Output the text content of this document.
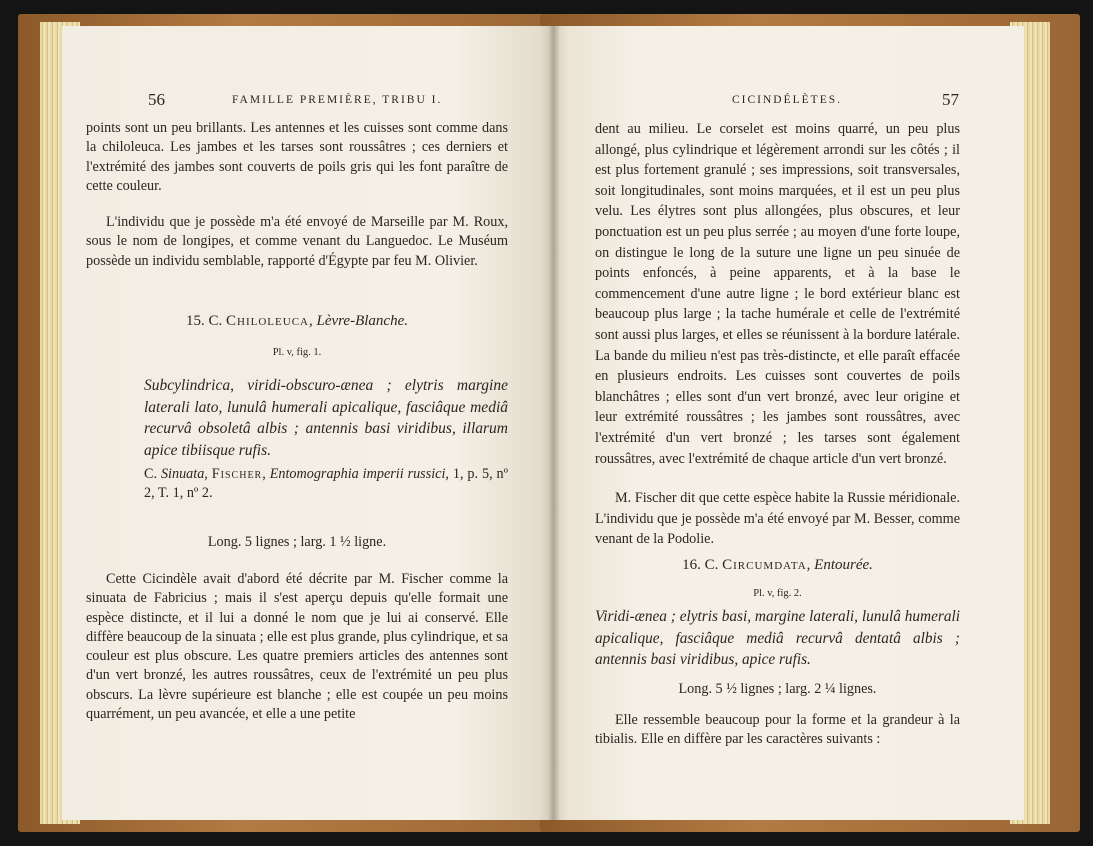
56	FAMILLE PREMIÈRE, TRIBU I.

points sont un peu brillants. Les antennes et les cuisses sont comme dans la chiloleuca. Les jambes et les tarses sont roussâtres ; ces derniers et l'extrémité des jambes sont couverts de poils gris qui les font paraître de cette couleur.

L'individu que je possède m'a été envoyé de Marseille par M. Roux, sous le nom de longipes, et comme venant du Languedoc. Le Muséum possède un individu semblable, rapporté d'Égypte par feu M. Olivier.

15. C. Chiloleuca, Lèvre-Blanche.
Pl. v, fig. 1.
Subcylindrica, viridi-obscuro-ænea ; elytris margine laterali lato, lunulâ humerali apicalique, fasciâque mediâ recurvâ obsoletâ albis ; antennis basi viridibus, illarum apice tibiisque rufis.
C. Sinuata, Fischer, Entomographia imperii russici, 1, p. 5, nº 2, T. 1, nº 2.
Long. 5 lignes ; larg. 1 ½ ligne.

Cette Cicindèle avait d'abord été décrite par M. Fischer comme la sinuata de Fabricius ; mais il s'est aperçu depuis qu'elle formait une espèce distincte, et il lui a donné le nom que je lui ai conservé. Elle diffère beaucoup de la sinuata ; elle est plus grande, plus cylindrique, et sa couleur est plus obscure. Les quatre premiers articles des antennes sont d'un vert bronzé, les autres roussâtres, ceux de l'extrémité un peu plus obscurs. La lèvre supérieure est blanche ; elle est coupée un peu moins quarrément, un peu avancée, et elle a une petite

CICINDÉLÈTES.	57

dent au milieu. Le corselet est moins quarré, un peu plus allongé, plus cylindrique et légèrement arrondi sur les côtés ; il est plus fortement granulé ; ses impressions, soit transversales, soit longitudinales, sont moins marquées, et il est un peu plus velu. Les élytres sont plus allongées, plus obscures, et leur ponctuation est un peu plus serrée ; au moyen d'une forte loupe, on distingue le long de la suture une ligne un peu sinuée de points enfoncés, à peine apparents, et à la base le commencement d'une autre ligne ; le bord extérieur blanc est beaucoup plus large ; la tache humérale et celle de l'extrémité sont aussi plus larges, et elles se réunissent à la bordure latérale. La bande du milieu n'est pas très-distincte, et elle paraît effacée en plusieurs endroits. Les cuisses sont couvertes de poils blanchâtres ; elles sont d'un vert bronzé, avec leur origine et leur extrémité roussâtres ; les jambes sont roussâtres, avec l'extrémité d'un vert bronzé ; les tarses sont également roussâtres, avec l'extrémité de chaque article d'un vert bronzé.

M. Fischer dit que cette espèce habite la Russie méridionale. L'individu que je possède m'a été envoyé par M. Besser, comme venant de la Podolie.

16. C. Circumdata, Entourée.
Pl. v, fig. 2.
Viridi-ænea ; elytris basi, margine laterali, lunulâ humerali apicalique, fasciâque mediâ recurvâ dentatâ albis ; antennis basi viridibus, apice rufis.
Long. 5 ½ lignes ; larg. 2 ¼ lignes.

Elle ressemble beaucoup pour la forme et la grandeur à la tibialis. Elle en diffère par les caractères suivants :
